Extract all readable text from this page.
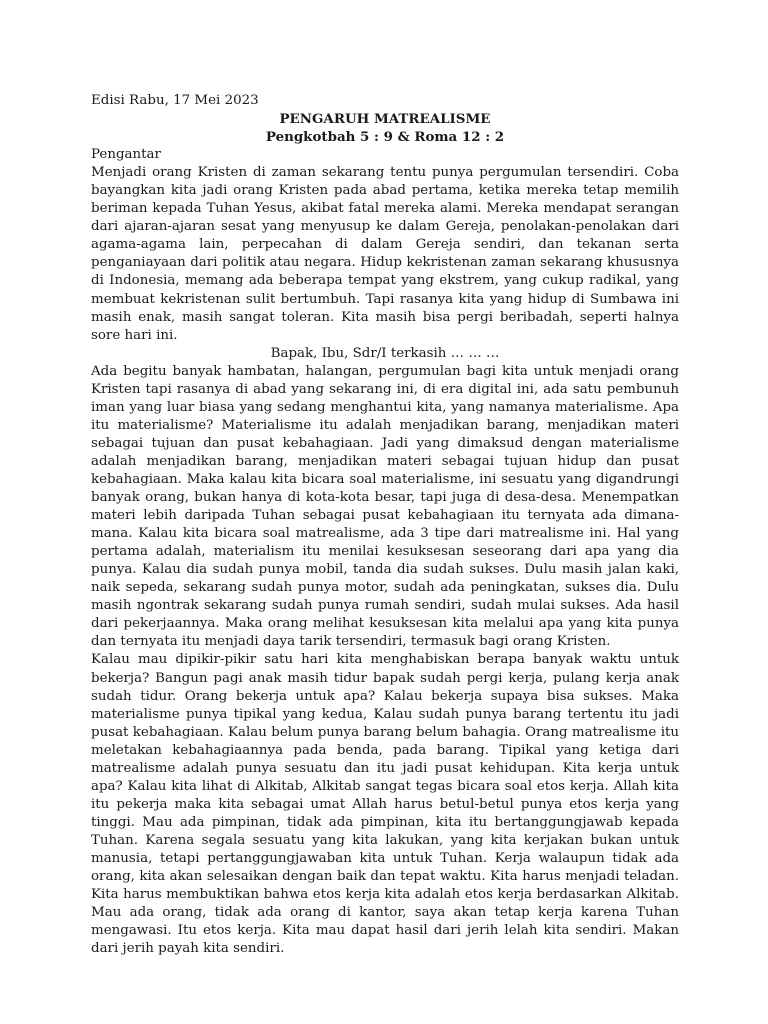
Edisi Rabu, 17 Mei 2023

PENGARUH MATREALISME

Pengkotbah 5 : 9 & Roma 12 : 2

Pengantar

Menjadi orang Kristen di zaman sekarang tentu punya pergumulan tersendiri. Coba bayangkan kita jadi orang Kristen pada abad pertama, ketika mereka tetap memilih beriman kepada Tuhan Yesus, akibat fatal mereka alami. Mereka mendapat serangan dari ajaran-ajaran sesat yang menyusup ke dalam Gereja, penolakan-penolakan dari agama-agama lain, perpecahan di dalam Gereja sendiri, dan tekanan serta penganiayaan dari politik atau negara. Hidup kekristenan zaman sekarang khususnya di Indonesia, memang ada beberapa tempat yang ekstrem, yang cukup radikal, yang membuat kekristenan sulit bertumbuh. Tapi rasanya kita yang hidup di Sumbawa ini masih enak, masih sangat toleran. Kita masih bisa pergi beribadah, seperti halnya sore hari ini.

Bapak, Ibu, Sdr/I terkasih … … …

Ada begitu banyak hambatan, halangan, pergumulan bagi kita untuk menjadi orang Kristen tapi rasanya di abad yang sekarang ini, di era digital ini, ada satu pembunuh iman yang luar biasa yang sedang menghantui kita, yang namanya materialisme. Apa itu materialisme? Materialisme itu adalah menjadikan barang, menjadikan materi sebagai tujuan dan pusat kebahagiaan. Jadi yang dimaksud dengan materialisme adalah menjadikan barang, menjadikan materi sebagai tujuan hidup dan pusat kebahagiaan. Maka kalau kita bicara soal materialisme, ini sesuatu yang digandrungi banyak orang, bukan hanya di kota-kota besar, tapi juga di desa-desa. Menempatkan materi lebih daripada Tuhan sebagai pusat kebahagiaan itu ternyata ada dimana-mana. Kalau kita bicara soal matrealisme, ada 3 tipe dari matrealisme ini. Hal yang pertama adalah, materialism itu menilai kesuksesan seseorang dari apa yang dia punya. Kalau dia sudah punya mobil, tanda dia sudah sukses. Dulu masih jalan kaki, naik sepeda, sekarang sudah punya motor, sudah ada peningkatan, sukses dia. Dulu masih ngontrak sekarang sudah punya rumah sendiri, sudah mulai sukses. Ada hasil dari pekerjaannya. Maka orang melihat kesuksesan kita melalui apa yang kita punya dan ternyata itu menjadi daya tarik tersendiri, termasuk bagi orang Kristen.

Kalau mau dipikir-pikir satu hari kita menghabiskan berapa banyak waktu untuk bekerja? Bangun pagi anak masih tidur bapak sudah pergi kerja, pulang kerja anak sudah tidur. Orang bekerja untuk apa? Kalau bekerja supaya bisa sukses. Maka materialisme punya tipikal yang kedua, Kalau sudah punya barang tertentu itu jadi pusat kebahagiaan. Kalau belum punya barang belum bahagia. Orang matrealisme itu meletakan kebahagiaannya pada benda, pada barang. Tipikal yang ketiga dari matrealisme adalah punya sesuatu dan itu jadi pusat kehidupan. Kita kerja untuk apa? Kalau kita lihat di Alkitab, Alkitab sangat tegas bicara soal etos kerja. Allah kita itu pekerja maka kita sebagai umat Allah harus betul-betul punya etos kerja yang tinggi. Mau ada pimpinan, tidak ada pimpinan, kita itu bertanggungjawab kepada Tuhan. Karena segala sesuatu yang kita lakukan, yang kita kerjakan bukan untuk manusia, tetapi pertanggungjawaban kita untuk Tuhan. Kerja walaupun tidak ada orang, kita akan selesaikan dengan baik dan tepat waktu. Kita harus menjadi teladan. Kita harus membuktikan bahwa etos kerja kita adalah etos kerja berdasarkan Alkitab. Mau ada orang, tidak ada orang di kantor, saya akan tetap kerja karena Tuhan mengawasi. Itu etos kerja. Kita mau dapat hasil dari jerih lelah kita sendiri. Makan dari jerih payah kita sendiri.
